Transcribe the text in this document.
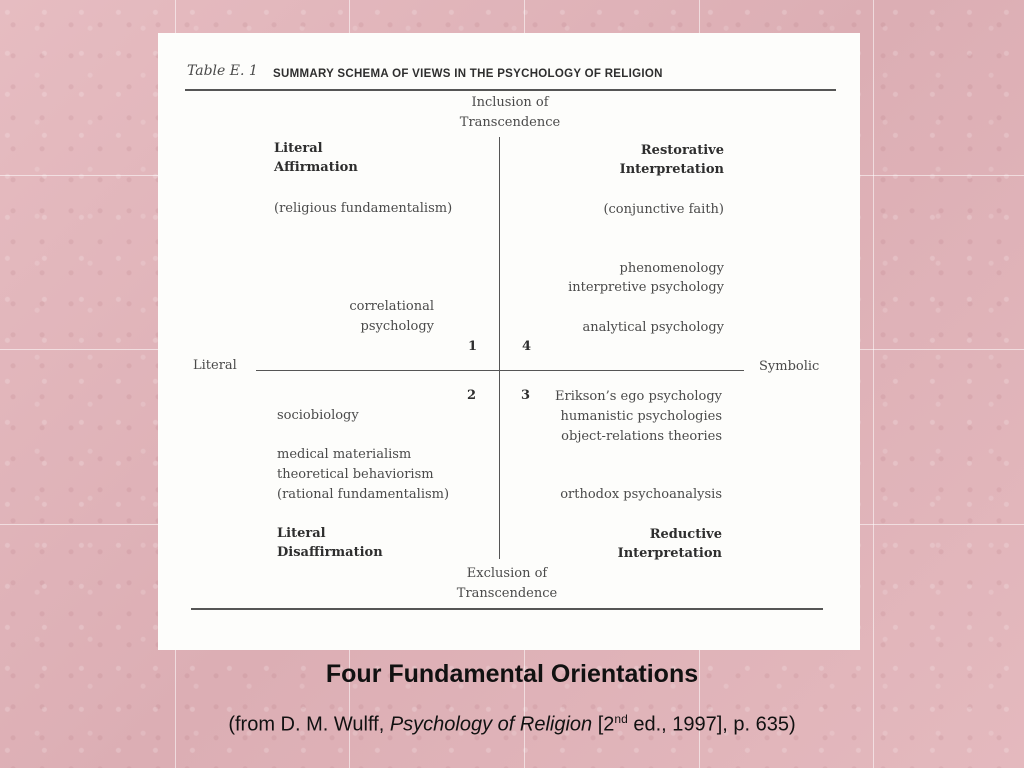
Table E. 1 SUMMARY SCHEMA OF VIEWS IN THE PSYCHOLOGY OF RELIGION
Inclusion of
Transcendence
Literal	Symbolic
Literal
Affirmation
(religious fundamentalism)
correlational
psychology
1
Restorative
Interpretation
(conjunctive faith)
phenomenology
interpretive psychology
analytical psychology
4
2
sociobiology
medical materialism
theoretical behaviorism
(rational fundamentalism)
Literal
Disaffirmation
3	Erikson’s ego psychology
humanistic psychologies
object-relations theories
orthodox psychoanalysis
Reductive
Interpretation
Exclusion of
Transcendence
Four Fundamental Orientations
(from D. M. Wulff, Psychology of Religion [2nd ed., 1997], p. 635)
